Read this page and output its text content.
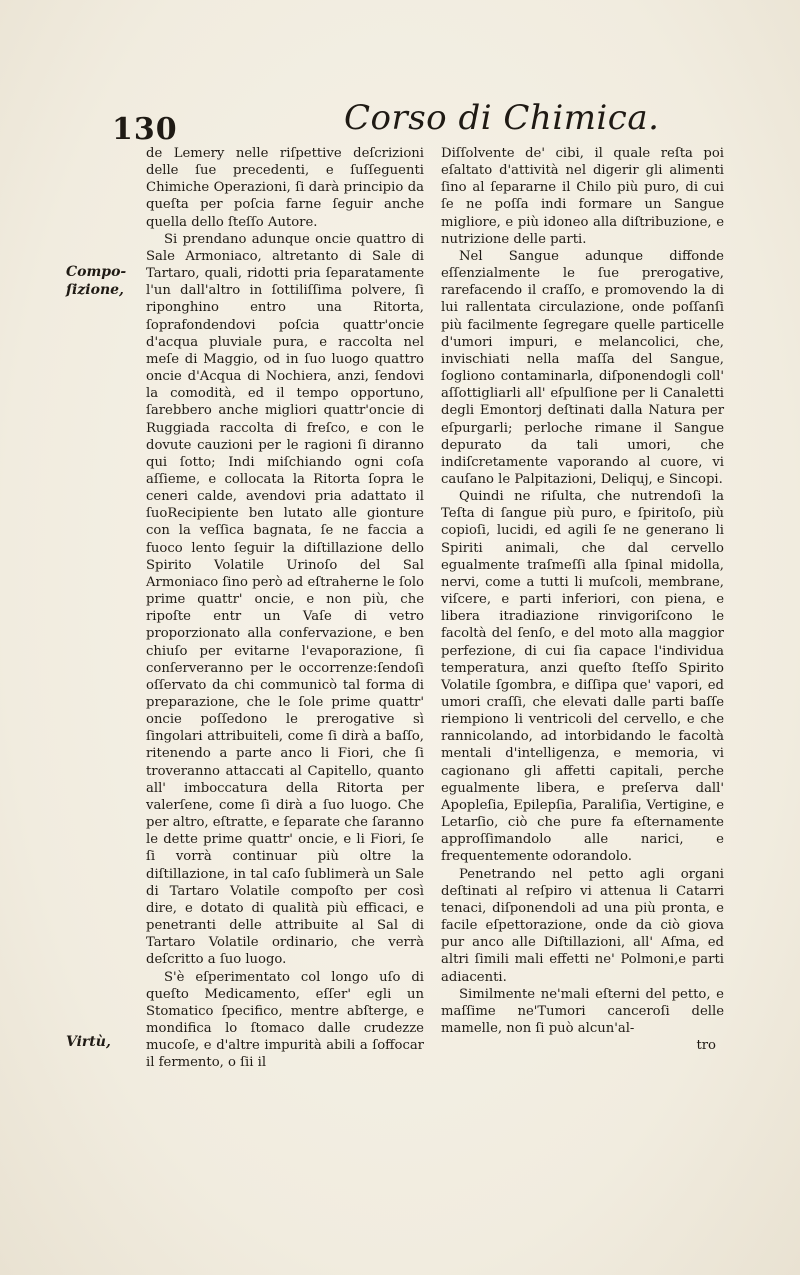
130	Corso di Chimica.
Compo-
ſizione,
Virtù,

de Lemery nelle riſpettive deſcrizioni delle ſue precedenti, e ſuſſeguenti Chimiche Operazioni, ſi darà principio da queſta per poſcia farne ſeguir anche quella dello ſteſſo Autore.

Si prendano adunque oncie quattro di Sale Armoniaco, altretanto di Sale di Tartaro, quali, ridotti pria ſeparatamente l'un dall'altro in ſottiliſſima polvere, ſi riponghino entro una Ritorta, ſoprafondendovi poſcia quattr'oncie d'acqua pluviale pura, e raccolta nel meſe di Maggio, od in ſuo luogo quattro oncie d'Acqua di Nochiera, anzi, ſendovi la comodità, ed il tempo opportuno, ſarebbero anche migliori quattr'oncie di Ruggiada raccolta di freſco, e con le dovute cauzioni per le ragioni ſi diranno qui ſotto; Indi miſchiando ogni coſa aſſieme, e collocata la Ritorta ſopra le ceneri calde, avendovi pria adattato il ſuoRecipiente ben lutato alle gionture con la veſſica bagnata, ſe ne faccia a fuoco lento ſeguir la diſtillazione dello Spirito Volatile Urinoſo del Sal Armoniaco ſino però ad eſtraherne le ſolo prime quattr' oncie, e non più, che ripoſte entr un Vaſe di vetro proporzionato alla confervazione, e ben chiuſo per evitarne l'evaporazione, ſi conſerveranno per le occorrenze:ſendoſi oſſervato da chi communicò tal forma di preparazione, che le ſole prime quattr' oncie poſſedono le prerogative sì ſingolari attribuiteli, come ſi dirà a baſſo, ritenendo a parte anco li Fiori, che ſi troveranno attaccati al Capitello, quanto all' imboccatura della Ritorta per valerſene, come ſi dirà a ſuo luogo. Che per altro, eſtratte, e ſeparate che ſaranno le dette prime quattr' oncie, e li Fiori, ſe ſi vorrà continuar più oltre la diſtillazione, in tal caſo ſublimerà un Sale di Tartaro Volatile compoſto per così dire, e dotato di qualità più efficaci, e penetranti delle attribuite al Sal di Tartaro Volatile ordinario, che verrà deſcritto a ſuo luogo.

S'è eſperimentato col longo uſo di queſto Medicamento, eſſer' egli un Stomatico ſpecifico, mentre abſterge, e mondifica lo ſtomaco dalle crudezze mucoſe, e d'altre impurità abili a ſoffocar il fermento, o ſii il

Diſſolvente de' cibi, il quale reſta poi eſaltato d'attività nel digerir gli alimenti ſino al ſepararne il Chilo più puro, di cui ſe ne poſſa indi formare un Sangue migliore, e più idoneo alla diſtribuzione, e nutrizione delle parti.

Nel Sangue adunque diffonde eſſenzialmente le ſue prerogative, rarefacendo il craſſo, e promovendo la di lui rallentata circulazione, onde poſſanſi più facilmente ſegregare quelle particelle d'umori impuri, e melancolici, che, invischiati nella maſſa del Sangue, ſogliono contaminarla, diſponendogli coll' aſſottigliarli all' eſpulſione per li Canaletti degli Emontorj deſtinati dalla Natura per eſpurgarli; perloche rimane il Sangue depurato da tali umori, che indiſcretamente vaporando al cuore, vi cauſano le Palpitazioni, Deliquj, e Sincopi.

Quindi ne riſulta, che nutrendoſi la Teſta di ſangue più puro, e ſpiritoſo, più copioſi, lucidi, ed agili ſe ne generano li Spiriti animali, che dal cervello egualmente traſmeſſi alla ſpinal midolla, nervi, come a tutti li muſcoli, membrane, viſcere, e parti inferiori, con piena, e libera itradiazione rinvigoriſcono le facoltà del ſenſo, e del moto alla maggior perfezione, di cui ſia capace l'individua temperatura, anzi queſto ſteſſo Spirito Volatile ſgombra, e diſſipa que' vapori, ed umori craſſi, che elevati dalle parti baſſe riempiono li ventricoli del cervello, e che rannicolando, ad intorbidando le facoltà mentali d'intelligenza, e memoria, vi cagionano gli affetti capitali, perche egualmente libera, e preſerva dall' Apopleſia, Epilepſia, Paraliſia, Vertigine, e Letarſio, ciò che pure fa eſternamente approſſimandolo alle narici, e frequentemente odorandolo.

Penetrando nel petto agli organi deſtinati al reſpiro vi attenua li Catarri tenaci, diſponendoli ad una più pronta, e facile eſpettorazione, onde da ciò giova pur anco alle Diſtillazioni, all' Aſma, ed altri ſimili mali effetti ne' Polmoni,e parti adiacenti.

Similmente ne'mali eſterni del petto, e maſſime ne'Tumori canceroſi delle mamelle, non ſi può alcun'al-

tro
